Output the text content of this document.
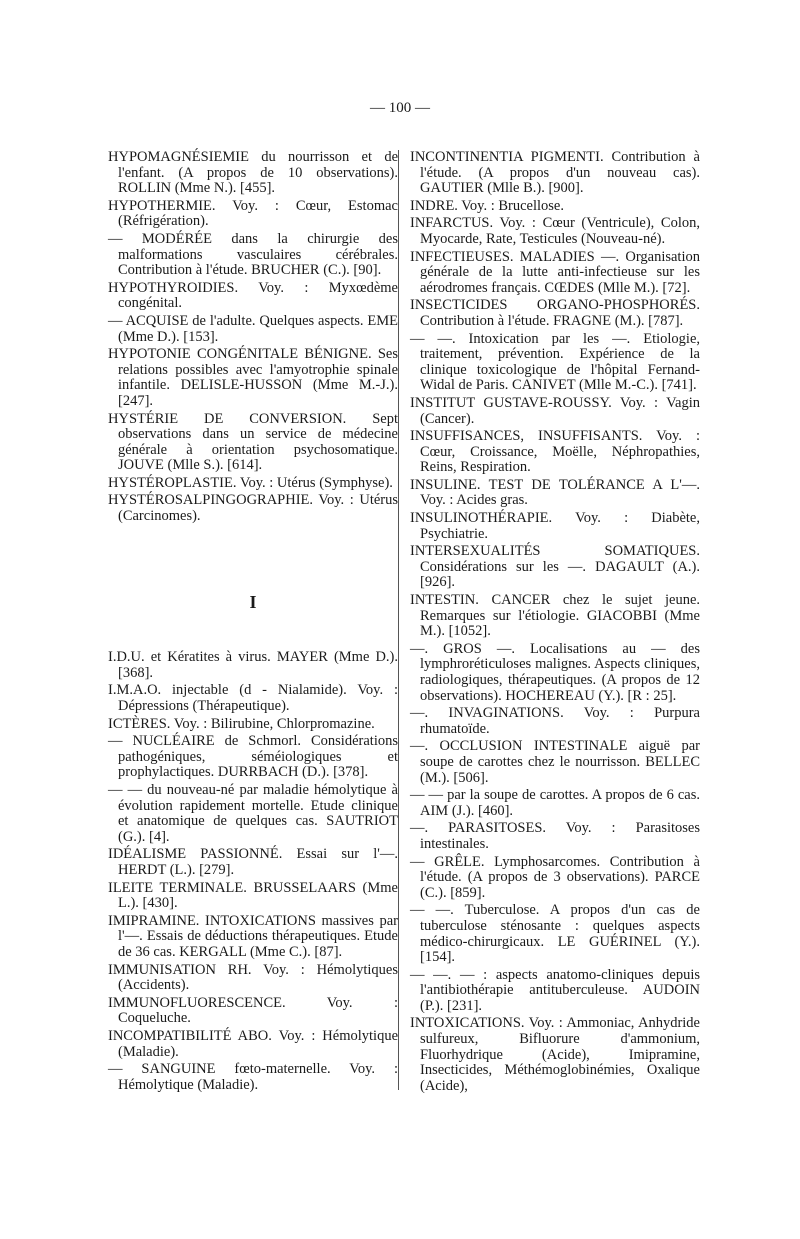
— 100 —

HYPOMAGNÉSIEMIE du nourrisson et de l'enfant. (A propos de 10 observations). ROLLIN (Mme N.). [455].

HYPOTHERMIE. Voy. : Cœur, Estomac (Réfrigération).

— MODÉRÉE dans la chirurgie des malformations vasculaires cérébrales. Contribution à l'étude. BRUCHER (C.). [90].

HYPOTHYROIDIES. Voy. : Myxœdème congénital.

— ACQUISE de l'adulte. Quelques aspects. EME (Mme D.). [153].

HYPOTONIE CONGÉNITALE BÉNIGNE. Ses relations possibles avec l'amyotrophie spinale infantile. DELISLE-HUSSON (Mme M.-J.). [247].

HYSTÉRIE DE CONVERSION. Sept observations dans un service de médecine générale à orientation psychosomatique. JOUVE (Mlle S.). [614].

HYSTÉROPLASTIE. Voy. : Utérus (Symphyse).

HYSTÉROSALPINGOGRAPHIE. Voy. : Utérus (Carcinomes).

I

I.D.U. et Kératites à virus. MAYER (Mme D.). [368].

I.M.A.O. injectable (d - Nialamide). Voy. : Dépressions (Thérapeutique).

ICTÈRES. Voy. : Bilirubine, Chlorpromazine.

— NUCLÉAIRE de Schmorl. Considérations pathogéniques, séméiologiques et prophylactiques. DURRBACH (D.). [378].

— — du nouveau-né par maladie hémolytique à évolution rapidement mortelle. Etude clinique et anatomique de quelques cas. SAUTRIOT (G.). [4].

IDÉALISME PASSIONNÉ. Essai sur l'—. HERDT (L.). [279].

ILEITE TERMINALE. BRUSSELAARS (Mme L.). [430].

IMIPRAMINE. INTOXICATIONS massives par l'—. Essais de déductions thérapeutiques. Etude de 36 cas. KERGALL (Mme C.). [87].

IMMUNISATION RH. Voy. : Hémolytiques (Accidents).

IMMUNOFLUORESCENCE. Voy. : Coqueluche.

INCOMPATIBILITÉ ABO. Voy. : Hémolytique (Maladie).

— SANGUINE fœto-maternelle. Voy. : Hémolytique (Maladie).

INCONTINENTIA PIGMENTI. Contribution à l'étude. (A propos d'un nouveau cas). GAUTIER (Mlle B.). [900].

INDRE. Voy. : Brucellose.

INFARCTUS. Voy. : Cœur (Ventricule), Colon, Myocarde, Rate, Testicules (Nouveau-né).

INFECTIEUSES. MALADIES —. Organisation générale de la lutte anti-infectieuse sur les aérodromes français. CŒDES (Mlle M.). [72].

INSECTICIDES ORGANO-PHOSPHORÉS. Contribution à l'étude. FRAGNE (M.). [787].

— —. Intoxication par les —. Etiologie, traitement, prévention. Expérience de la clinique toxicologique de l'hôpital Fernand-Widal de Paris. CANIVET (Mlle M.-C.). [741].

INSTITUT GUSTAVE-ROUSSY. Voy. : Vagin (Cancer).

INSUFFISANCES, INSUFFISANTS. Voy. : Cœur, Croissance, Moëlle, Néphropathies, Reins, Respiration.

INSULINE. TEST DE TOLÉRANCE A L'—. Voy. : Acides gras.

INSULINOTHÉRAPIE. Voy. : Diabète, Psychiatrie.

INTERSEXUALITÉS SOMATIQUES. Considérations sur les —. DAGAULT (A.). [926].

INTESTIN. CANCER chez le sujet jeune. Remarques sur l'étiologie. GIACOBBI (Mme M.). [1052].

—. GROS —. Localisations au — des lymphroréticuloses malignes. Aspects cliniques, radiologiques, thérapeutiques. (A propos de 12 observations). HOCHEREAU (Y.). [R : 25].

—. INVAGINATIONS. Voy. : Purpura rhumatoïde.

—. OCCLUSION INTESTINALE aiguë par soupe de carottes chez le nourrisson. BELLEC (M.). [506].

— — par la soupe de carottes. A propos de 6 cas. AIM (J.). [460].

—. PARASITOSES. Voy. : Parasitoses intestinales.

— GRÊLE. Lymphosarcomes. Contribution à l'étude. (A propos de 3 observations). PARCE (C.). [859].

— —. Tuberculose. A propos d'un cas de tuberculose sténosante : quelques aspects médico-chirurgicaux. LE GUÉRINEL (Y.). [154].

— —. — : aspects anatomo-cliniques depuis l'antibiothérapie antituberculeuse. AUDOIN (P.). [231].

INTOXICATIONS. Voy. : Ammoniac, Anhydride sulfureux, Bifluorure d'ammonium, Fluorhydrique (Acide), Imipramine, Insecticides, Méthémoglobinémies, Oxalique (Acide),
